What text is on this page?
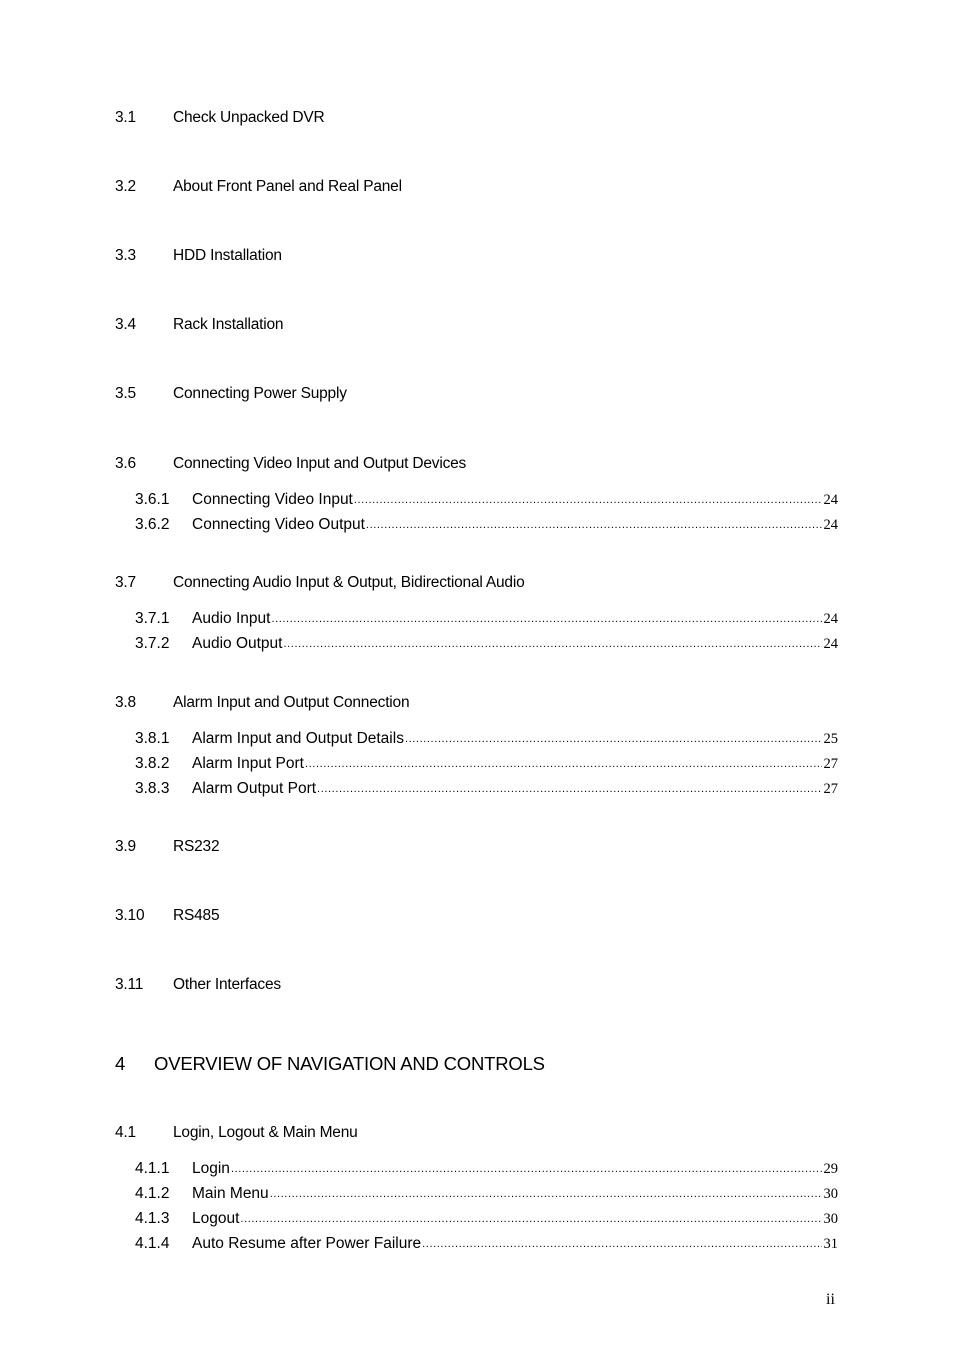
3.1 Check Unpacked DVR
3.2 About Front Panel and Real Panel
3.3 HDD Installation
3.4 Rack Installation
3.5 Connecting Power Supply
3.6 Connecting Video Input and Output Devices
3.6.1 Connecting Video Input .....	24
3.6.2 Connecting Video Output .....	24
3.7 Connecting Audio Input & Output, Bidirectional Audio
3.7.1 Audio Input .....	24
3.7.2 Audio Output .....	24
3.8 Alarm Input and Output Connection
3.8.1 Alarm Input and Output Details .....	25
3.8.2 Alarm Input Port .....	27
3.8.3 Alarm Output Port .....	27
3.9 RS232
3.10 RS485
3.11 Other Interfaces
4 OVERVIEW OF NAVIGATION AND CONTROLS
4.1 Login, Logout & Main Menu
4.1.1 Login .....	29
4.1.2 Main Menu .....	30
4.1.3 Logout .....	30
4.1.4 Auto Resume after Power Failure .....	31
ii
